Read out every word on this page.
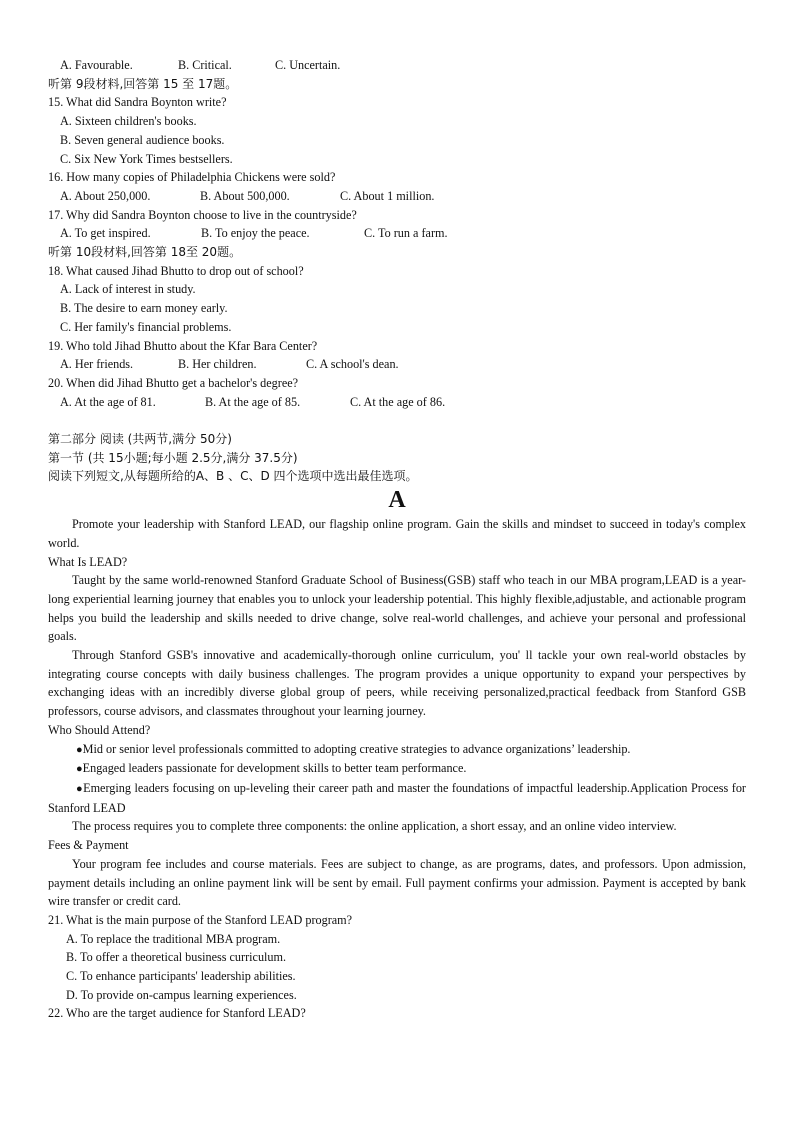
A. Favourable.	B. Critical.	C. Uncertain.
听第 9段材料,回答第 15 至 17题。
15. What did Sandra Boynton write?
A. Sixteen children's books.
B. Seven general audience books.
C. Six New York Times bestsellers.
16. How many copies of Philadelphia Chickens were sold?
A. About 250,000.	B. About 500,000.	C. About 1 million.
17. Why did Sandra Boynton choose to live in the countryside?
A. To get inspired.	B. To enjoy the peace.	C. To run a farm.
听第 10段材料,回答第 18至 20题。
18. What caused Jihad Bhutto to drop out of school?
A. Lack of interest in study.
B. The desire to earn money early.
C. Her family's financial problems.
19. Who told Jihad Bhutto about the Kfar Bara Center?
A. Her friends.	B. Her children.	C. A school's dean.
20. When did Jihad Bhutto get a bachelor's degree?
A. At the age of 81.	B. At the age of 85.	C. At the age of 86.
第二部分 阅读 (共两节,满分 50分)
第一节 (共 15小题;每小题 2.5分,满分 37.5分)
阅读下列短文,从每题所给的A、B 、C、D 四个选项中选出最佳选项。
A
Promote your leadership with Stanford LEAD, our flagship online program. Gain the skills and mindset to succeed in today's complex world.
What Is LEAD?
Taught by the same world-renowned Stanford Graduate School of Business(GSB) staff who teach in our MBA program,LEAD is a year-long experiential learning journey that enables you to unlock your leadership potential. This highly flexible,adjustable, and actionable program helps you build the leadership and skills needed to drive change, solve real-world challenges, and achieve your personal and professional goals.
Through Stanford GSB's innovative and academically-thorough online curriculum, you' ll tackle your own real-world obstacles by integrating course concepts with daily business challenges. The program provides a unique opportunity to expand your perspectives by exchanging ideas with an incredibly diverse global group of peers, while receiving personalized,practical feedback from Stanford GSB professors, course advisors, and classmates throughout your learning journey.
Who Should Attend?
●Mid or senior level professionals committed to adopting creative strategies to advance organizations’ leadership.
●Engaged leaders passionate for development skills to better team performance.
●Emerging leaders focusing on up-leveling their career path and master the foundations of impactful leadership.Application Process for Stanford LEAD
The process requires you to complete three components: the online application, a short essay, and an online video interview.
Fees & Payment
Your program fee includes and course materials. Fees are subject to change, as are programs, dates, and professors. Upon admission, payment details including an online payment link will be sent by email. Full payment confirms your admission. Payment is accepted by bank wire transfer or credit card.
21. What is the main purpose of the Stanford LEAD program?
A. To replace the traditional MBA program.
B. To offer a theoretical business curriculum.
C. To enhance participants' leadership abilities.
D. To provide on-campus learning experiences.
22. Who are the target audience for Stanford LEAD?
